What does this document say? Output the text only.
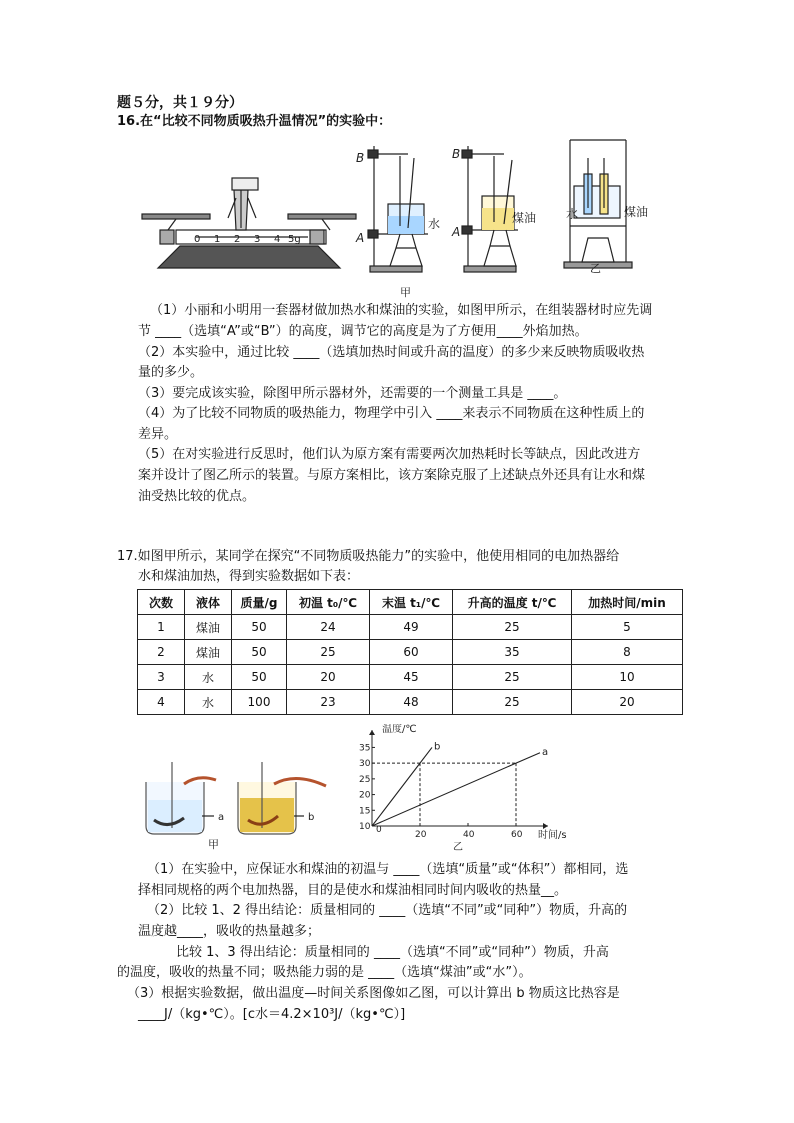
题５分，共１９分）
16.在“比较不同物质吸热升温情况”的实验中：
0 1 2 3 4 5g
B
A
水
甲
B
A
煤油 水	煤油
乙
（1）小丽和小明用一套器材做加热水和煤油的实验，如图甲所示，在组装器材时应先调
节 ____（选填“A”或“B”）的高度，调节它的高度是为了方便用____外焰加热。
（2）本实验中，通过比较 ____（选填加热时间或升高的温度）的多少来反映物质吸收热
量的多少。
（3）要完成该实验，除图甲所示器材外，还需要的一个测量工具是 ____。
（4）为了比较不同物质的吸热能力，物理学中引入 ____来表示不同物质在这种性质上的
差异。
（5）在对实验进行反思时，他们认为原方案有需要两次加热耗时长等缺点，因此改进方
案并设计了图乙所示的装置。与原方案相比，该方案除克服了上述缺点外还具有让水和煤
油受热比较的优点。
17.如图甲所示，某同学在探究“不同物质吸热能力”的实验中，他使用相同的电加热器给
水和煤油加热，得到实验数据如下表：
次数	液体	质量/g	初温 t₀/℃	末温 t₁/℃	升高的温度 t/℃	加热时间/min
1	煤油	50	24	49	25	5
2	煤油	50	25	60	35	8
3	水	50	20	45	25	10
4	水	100	23	48	25	20
a	b
甲
b	a
20	40	60
10
15
20
25
30
35
温度/℃
时间/s
0
乙
（1）在实验中，应保证水和煤油的初温与 ____（选填“质量”或“体积”）都相同，选
择相同规格的两个电加热器，目的是使水和煤油相同时间内吸收的热量__。
（2）比较 1、2 得出结论：质量相同的 ____（选填“不同”或“同种”）物质，升高的
温度越____，吸收的热量越多；
比较 1、3 得出结论：质量相同的 ____（选填“不同”或“同种”）物质，升高
的温度，吸收的热量不同；吸热能力弱的是 ____（选填“煤油”或“水”）。
（3）根据实验数据，做出温度—时间关系图像如乙图，可以计算出 b 物质这比热容是
____J/（kg•℃）。[c水＝4.2×10³J/（kg•℃）]
